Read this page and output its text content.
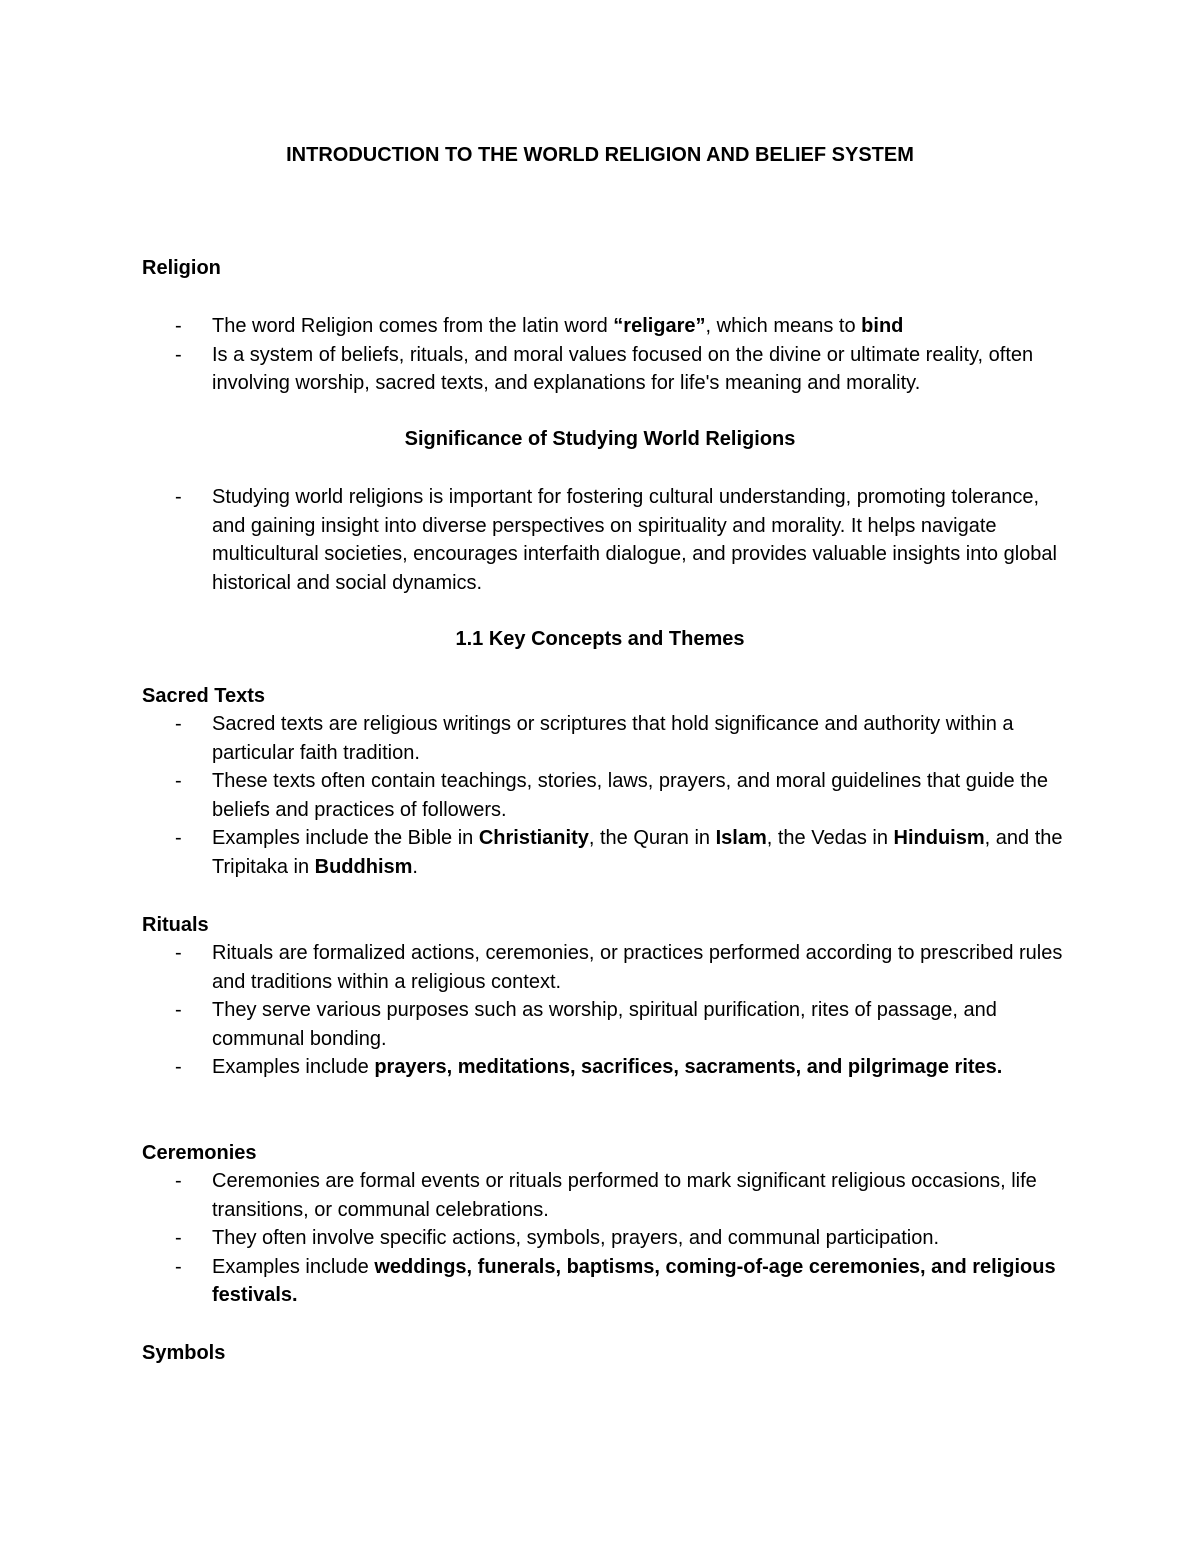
INTRODUCTION TO THE WORLD RELIGION AND BELIEF SYSTEM
Religion
- The word Religion comes from the latin word “religare”, which means to bind
- Is a system of beliefs, rituals, and moral values focused on the divine or ultimate reality, often involving worship, sacred texts, and explanations for life's meaning and morality.
Significance of Studying World Religions
- Studying world religions is important for fostering cultural understanding, promoting tolerance, and gaining insight into diverse perspectives on spirituality and morality. It helps navigate multicultural societies, encourages interfaith dialogue, and provides valuable insights into global historical and social dynamics.
1.1 Key Concepts and Themes
Sacred Texts
- Sacred texts are religious writings or scriptures that hold significance and authority within a particular faith tradition.
- These texts often contain teachings, stories, laws, prayers, and moral guidelines that guide the beliefs and practices of followers.
- Examples include the Bible in Christianity, the Quran in Islam, the Vedas in Hinduism, and the Tripitaka in Buddhism.
Rituals
- Rituals are formalized actions, ceremonies, or practices performed according to prescribed rules and traditions within a religious context.
- They serve various purposes such as worship, spiritual purification, rites of passage, and communal bonding.
- Examples include prayers, meditations, sacrifices, sacraments, and pilgrimage rites.
Ceremonies
- Ceremonies are formal events or rituals performed to mark significant religious occasions, life transitions, or communal celebrations.
- They often involve specific actions, symbols, prayers, and communal participation.
- Examples include weddings, funerals, baptisms, coming-of-age ceremonies, and religious festivals.
Symbols
